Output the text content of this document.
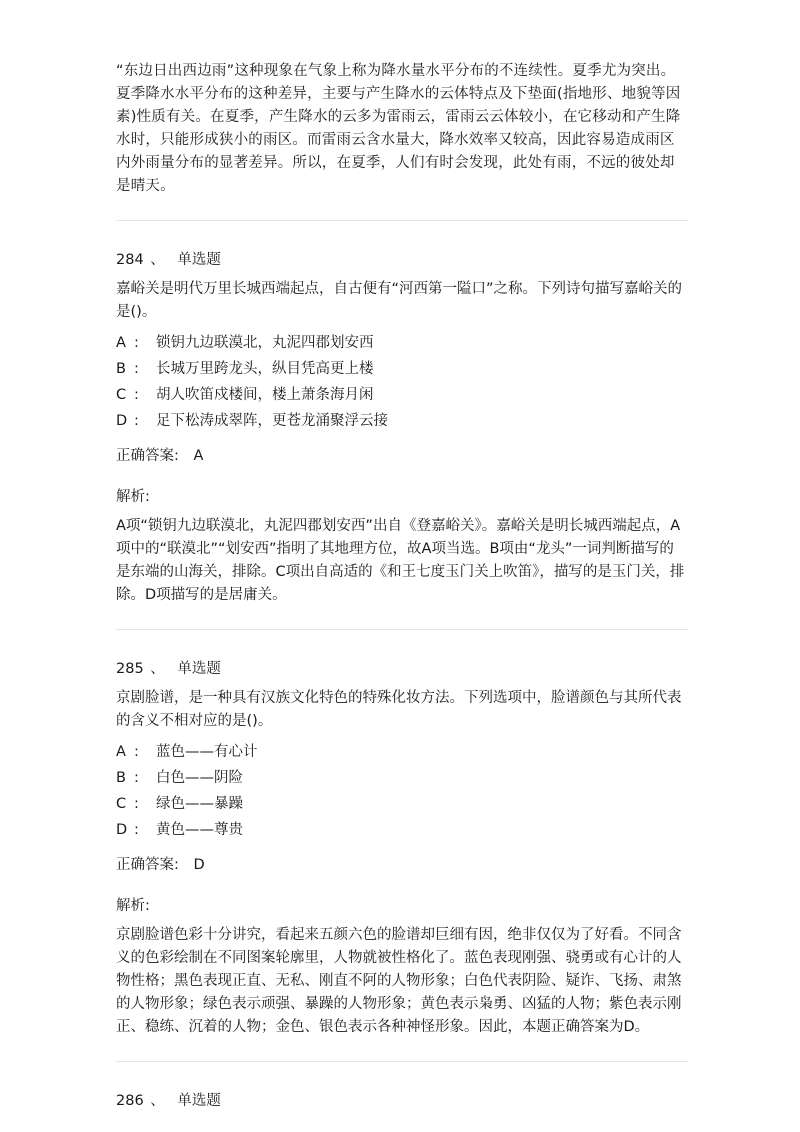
“东边日出西边雨”这种现象在气象上称为降水量水平分布的不连续性。夏季尤为突出。夏季降水水平分布的这种差异，主要与产生降水的云体特点及下垫面(指地形、地貌等因素)性质有关。在夏季，产生降水的云多为雷雨云，雷雨云云体较小，在它移动和产生降水时，只能形成狭小的雨区。而雷雨云含水量大，降水效率又较高，因此容易造成雨区内外雨量分布的显著差异。所以，在夏季，人们有时会发现，此处有雨，不远的彼处却是晴天。

284 、 单选题

嘉峪关是明代万里长城西端起点，自古便有“河西第一隘口”之称。下列诗句描写嘉峪关的是()。

A :	锁钥九边联漠北，丸泥四郡划安西
B :	长城万里跨龙头，纵目凭高更上楼
C :	胡人吹笛戍楼间，楼上萧条海月闲
D :	足下松涛成翠阵，更苍龙涌聚浮云接
正确答案: A

解析:

A项“锁钥九边联漠北，丸泥四郡划安西”出自《登嘉峪关》。嘉峪关是明长城西端起点，A项中的“联漠北”“划安西”指明了其地理方位，故A项当选。B项由“龙头”一词判断描写的是东端的山海关，排除。C项出自高适的《和王七度玉门关上吹笛》，描写的是玉门关，排除。D项描写的是居庸关。

285 、 单选题

京剧脸谱，是一种具有汉族文化特色的特殊化妆方法。下列选项中，脸谱颜色与其所代表的含义不相对应的是()。

A :	蓝色——有心计
B :	白色——阴险
C :	绿色——暴躁
D :	黄色——尊贵
正确答案: D

解析:

京剧脸谱色彩十分讲究，看起来五颜六色的脸谱却巨细有因，绝非仅仅为了好看。不同含义的色彩绘制在不同图案轮廓里，人物就被性格化了。蓝色表现刚强、骁勇或有心计的人物性格；黑色表现正直、无私、刚直不阿的人物形象；白色代表阴险、疑诈、飞扬、肃煞的人物形象；绿色表示顽强、暴躁的人物形象；黄色表示枭勇、凶猛的人物；紫色表示刚正、稳练、沉着的人物；金色、银色表示各种神怪形象。因此，本题正确答案为D。

286 、 单选题
